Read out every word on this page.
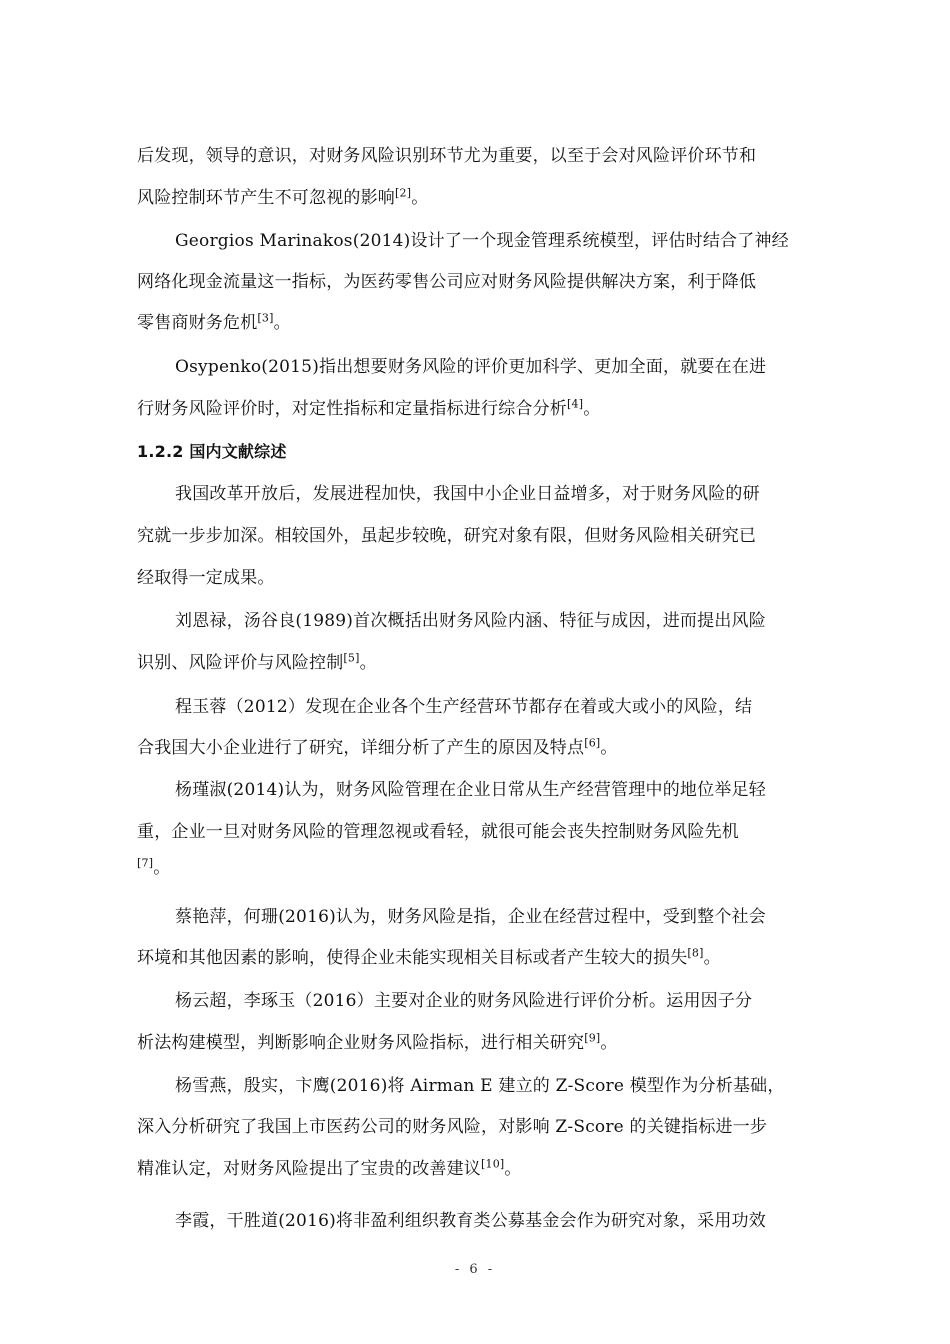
后发现，领导的意识，对财务风险识别环节尤为重要，以至于会对风险评价环节和
风险控制环节产生不可忽视的影响[2]。
Georgios Marinakos(2014)设计了一个现金管理系统模型，评估时结合了神经
网络化现金流量这一指标，为医药零售公司应对财务风险提供解决方案，利于降低
零售商财务危机[3]。
Osypenko(2015)指出想要财务风险的评价更加科学、更加全面，就要在在进
行财务风险评价时，对定性指标和定量指标进行综合分析[4]。
1.2.2 国内文献综述
我国改革开放后，发展进程加快，我国中小企业日益增多，对于财务风险的研
究就一步步加深。相较国外，虽起步较晚，研究对象有限，但财务风险相关研究已
经取得一定成果。
刘恩禄，汤谷良(1989)首次概括出财务风险内涵、特征与成因，进而提出风险
识别、风险评价与风险控制[5]。
程玉蓉（2012）发现在企业各个生产经营环节都存在着或大或小的风险，结
合我国大小企业进行了研究，详细分析了产生的原因及特点[6]。
杨瑾淑(2014)认为，财务风险管理在企业日常从生产经营管理中的地位举足轻
重，企业一旦对财务风险的管理忽视或看轻，就很可能会丧失控制财务风险先机
[7]。
蔡艳萍，何珊(2016)认为，财务风险是指，企业在经营过程中，受到整个社会
环境和其他因素的影响，使得企业未能实现相关目标或者产生较大的损失[8]。
杨云超，李琢玉（2016）主要对企业的财务风险进行评价分析。运用因子分
析法构建模型，判断影响企业财务风险指标，进行相关研究[9]。
杨雪燕，殷实，卞鹰(2016)将 Airman E 建立的 Z-Score 模型作为分析基础，
深入分析研究了我国上市医药公司的财务风险，对影响 Z-Score 的关键指标进一步
精准认定，对财务风险提出了宝贵的改善建议[10]。
李霞，干胜道(2016)将非盈利组织教育类公募基金会作为研究对象，采用功效
- 6 -
